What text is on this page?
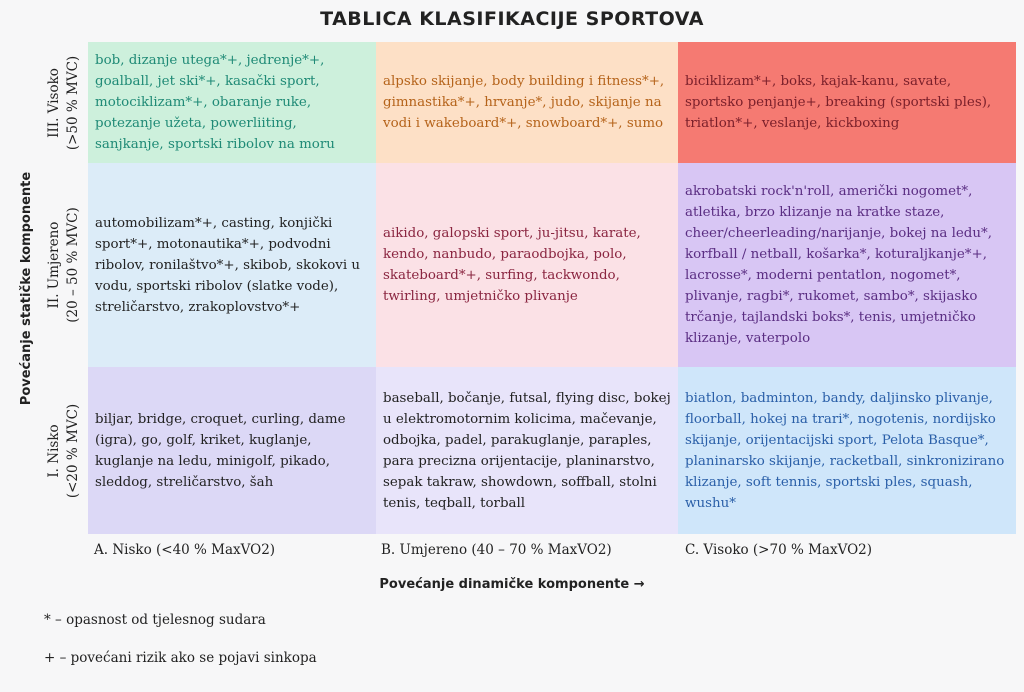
TABLICA KLASIFIKACIJE SPORTOVA
Povećanje statičke komponente
III. Visoko (>50 % MVC)
II. Umjereno (20 – 50 % MVC)
I. Nisko (<20 % MVC)
bob, dizanje utega*+, jedrenje*+, goalball, jet ski*+, kasački sport, motociklizam*+, obaranje ruke, potezanje užeta, powerliiting, sanjkanje, sportski ribolov na moru
alpsko skijanje, body building i fitness*+, gimnastika*+, hrvanje*, judo, skijanje na vodi i wakeboard*+, snowboard*+, sumo
biciklizam*+, boks, kajak-kanu, savate, sportsko penjanje+, breaking (sportski ples), triatlon*+, veslanje, kickboxing
automobilizam*+, casting, konjički sport*+, motonautika*+, podvodni ribolov, ronilaštvo*+, skibob, skokovi u vodu, sportski ribolov (slatke vode), streličarstvo, zrakoplovstvo*+
aikido, galopski sport, ju-jitsu, karate, kendo, nanbudo, paraodbojka, polo, skateboard*+, surfing, tackwondo, twirling, umjetničko plivanje
akrobatski rock'n'roll, američki nogomet*, atletika, brzo klizanje na kratke staze, cheer/cheerleading/narijanje, bokej na ledu*, korfball / netball, košarka*, koturaljkanje*+, lacrosse*, moderni pentatlon, nogomet*, plivanje, ragbi*, rukomet, sambo*, skijasko trčanje, tajlandski boks*, tenis, umjetničko klizanje, vaterpolo
biljar, bridge, croquet, curling, dame (igra), go, golf, kriket, kuglanje, kuglanje na ledu, minigolf, pikado, sleddog, streličarstvo, šah
baseball, bočanje, futsal, flying disc, bokej u elektromotornim kolicima, mačevanje, odbojka, padel, parakuglanje, paraples, para precizna orijentacije, planinarstvo, sepak takraw, showdown, soffball, stolni tenis, teqball, torball
biatlon, badminton, bandy, daljinsko plivanje, floorball, hokej na trari*, nogotenis, nordijsko skijanje, orijentacijski sport, Pelota Basque*, planinarsko skijanje, racketball, sinkronizirano klizanje, soft tennis, sportski ples, squash, wushu*
A. Nisko (<40 % MaxVO2)	B. Umjereno (40 – 70 % MaxVO2)	C. Visoko (>70 % MaxVO2)
Povećanje dinamičke komponente →
* – opasnost od tjelesnog sudara
+ – povećani rizik ako se pojavi sinkopa
